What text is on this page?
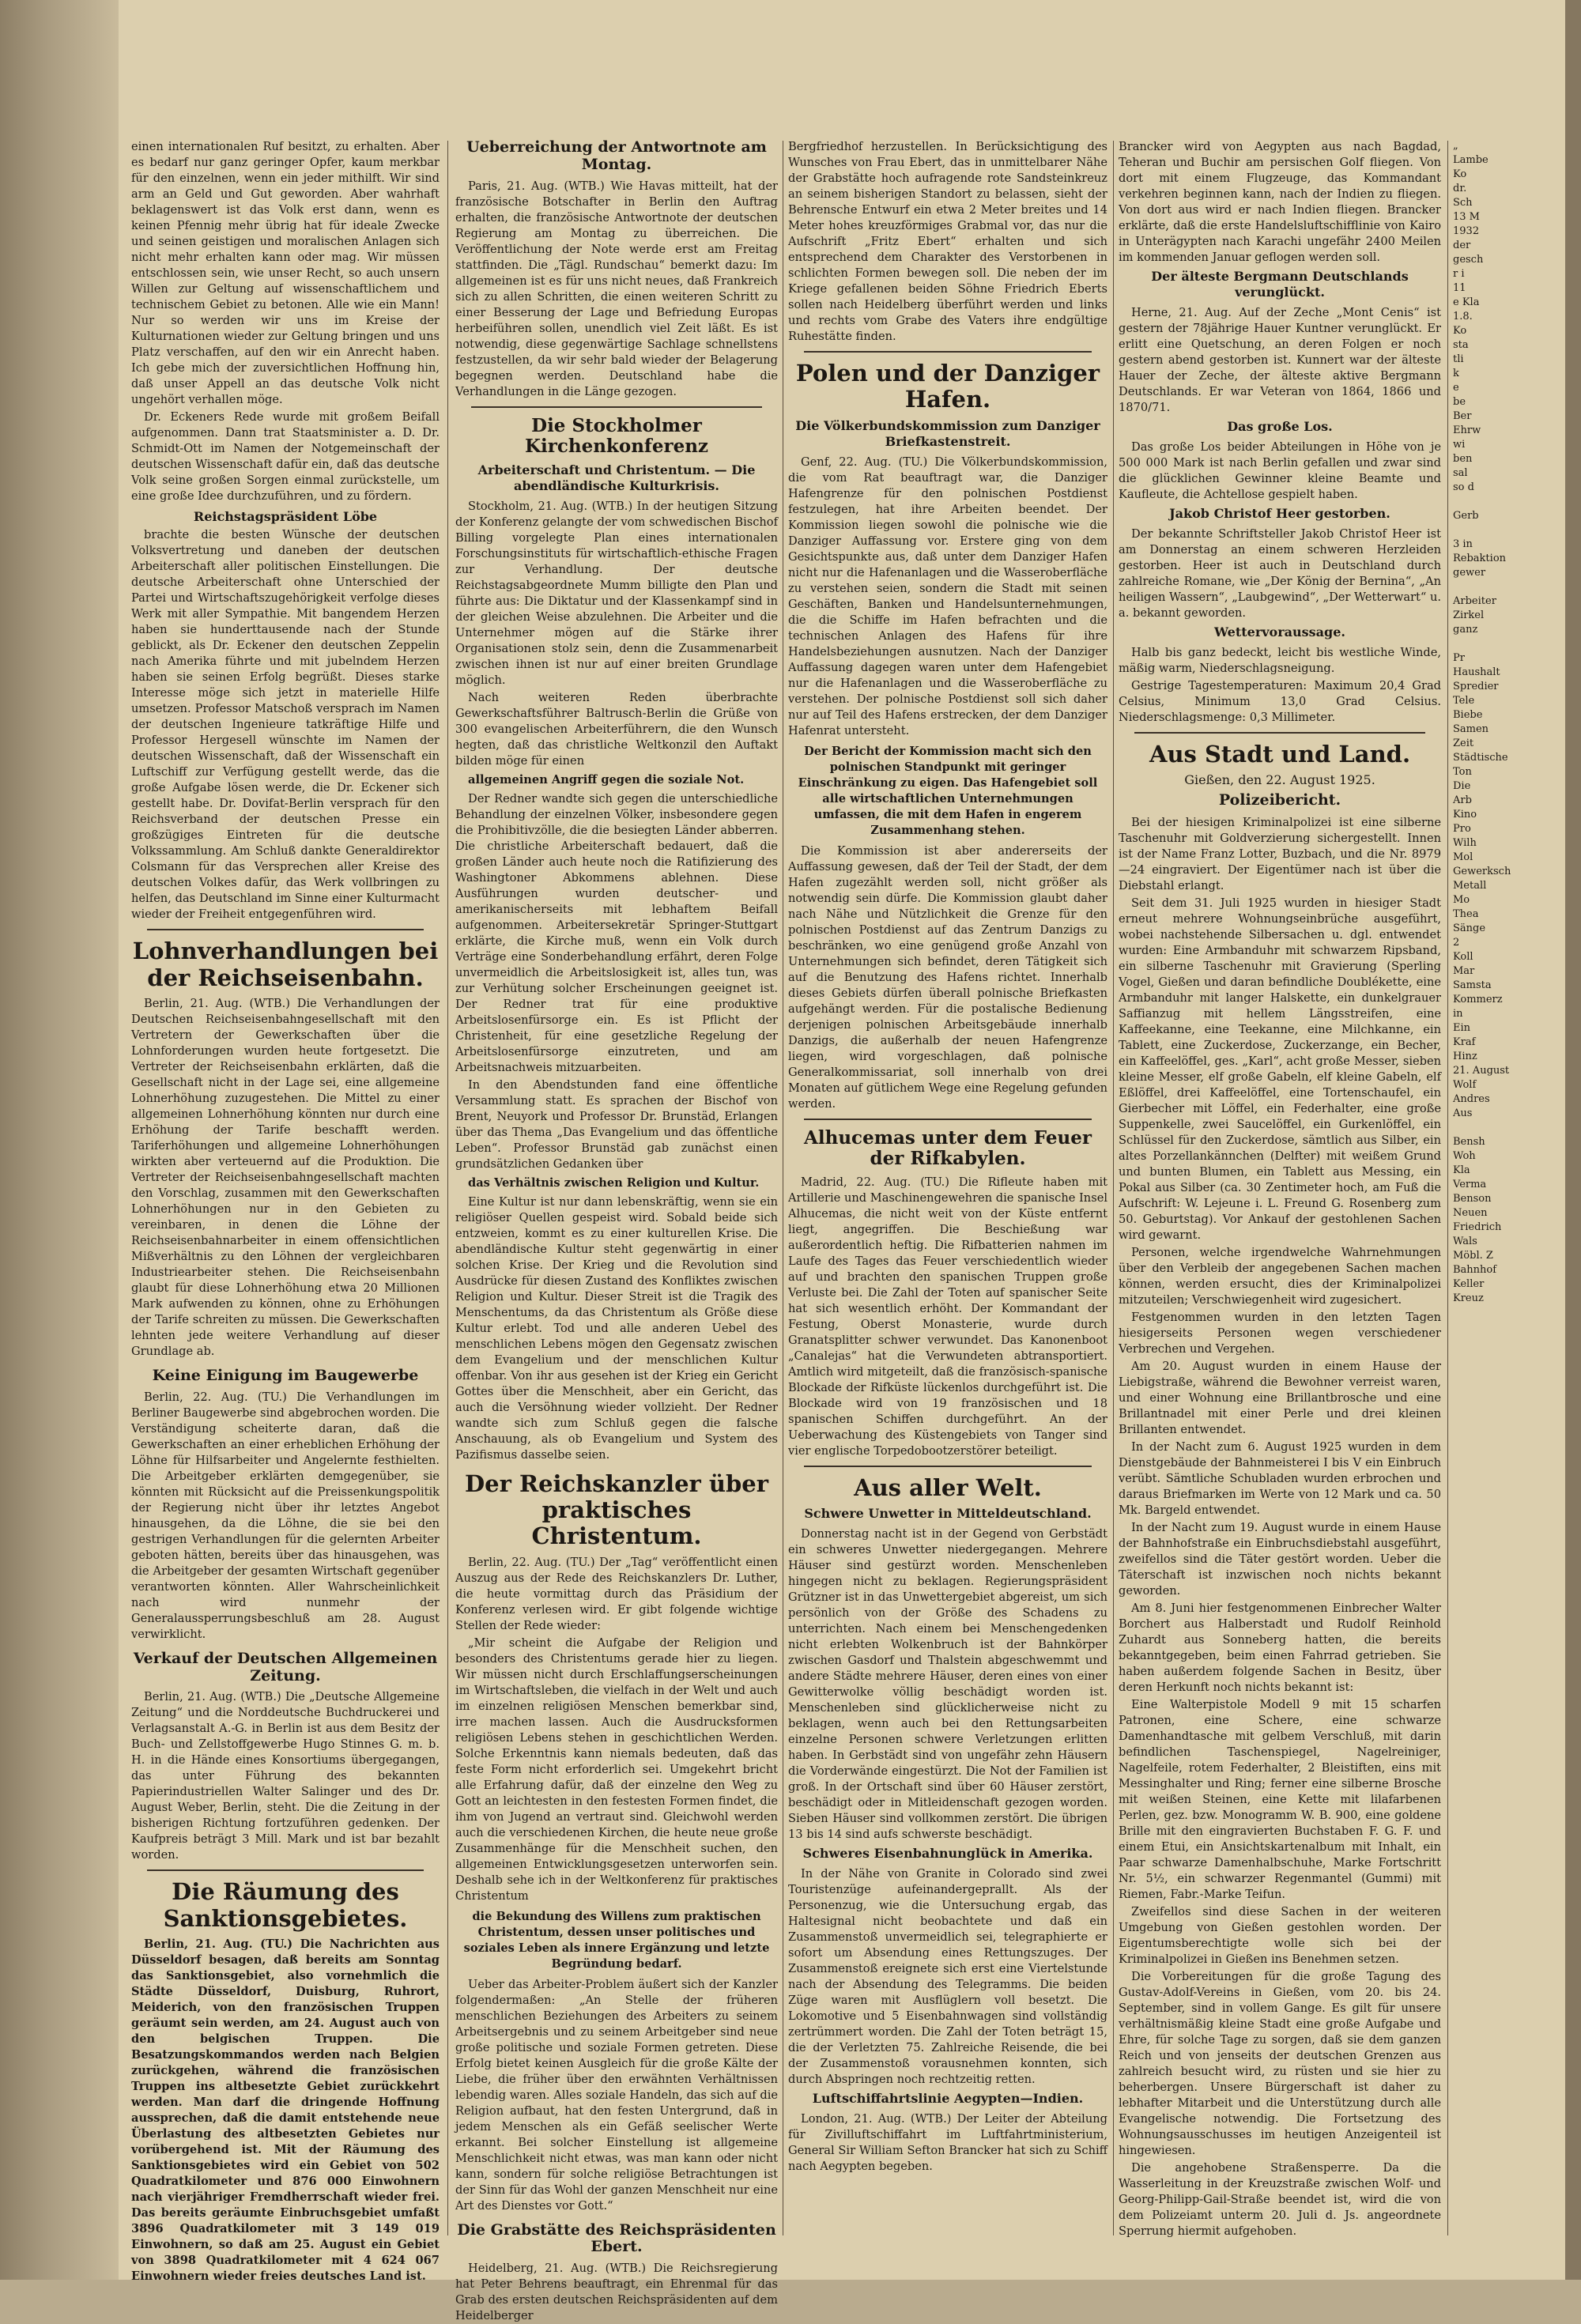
einen internationalen Ruf besitzt, zu erhalten. Aber es bedarf nur ganz geringer Opfer, kaum merkbar für den einzelnen, wenn ein jeder mithilft. Wir sind arm an Geld und Gut geworden. Aber wahrhaft beklagenswert ist das Volk erst dann, wenn es keinen Pfennig mehr übrig hat für ideale Zwecke und seinen geistigen und moralischen Anlagen sich nicht mehr erhalten kann oder mag. Wir müssen entschlossen sein, wie unser Recht, so auch unsern Willen zur Geltung auf wissenschaftlichem und technischem Gebiet zu betonen. Alle wie ein Mann! Nur so werden wir uns im Kreise der Kulturnationen wieder zur Geltung bringen und uns Platz verschaffen, auf den wir ein Anrecht haben. Ich gebe mich der zuversichtlichen Hoffnung hin, daß unser Appell an das deutsche Volk nicht ungehört verhallen möge.

Dr. Eckeners Rede wurde mit großem Beifall aufgenommen. Dann trat Staatsminister a. D. Dr. Schmidt-Ott im Namen der Notgemeinschaft der deutschen Wissenschaft dafür ein, daß das deutsche Volk seine großen Sorgen einmal zurückstelle, um eine große Idee durchzuführen, und zu fördern.

Reichstagspräsident Löbe

brachte die besten Wünsche der deutschen Volksvertretung und daneben der deutschen Arbeiterschaft aller politischen Einstellungen. Die deutsche Arbeiterschaft ohne Unterschied der Partei und Wirtschaftszugehörigkeit verfolge dieses Werk mit aller Sympathie. Mit bangendem Herzen haben sie hunderttausende nach der Stunde geblickt, als Dr. Eckener den deutschen Zeppelin nach Amerika führte und mit jubelndem Herzen haben sie seinen Erfolg begrüßt. Dieses starke Interesse möge sich jetzt in materielle Hilfe umsetzen. Professor Matschoß versprach im Namen der deutschen Ingenieure tatkräftige Hilfe und Professor Hergesell wünschte im Namen der deutschen Wissenschaft, daß der Wissenschaft ein Luftschiff zur Verfügung gestellt werde, das die große Aufgabe lösen werde, die Dr. Eckener sich gestellt habe. Dr. Dovifat-Berlin versprach für den Reichsverband der deutschen Presse ein großzügiges Eintreten für die deutsche Volkssammlung. Am Schluß dankte Generaldirektor Colsmann für das Versprechen aller Kreise des deutschen Volkes dafür, das Werk vollbringen zu helfen, das Deutschland im Sinne einer Kulturmacht wieder der Freiheit entgegenführen wird.

Lohnverhandlungen bei der Reichseisenbahn.

Berlin, 21. Aug. (WTB.) Die Verhandlungen der Deutschen Reichseisenbahngesellschaft mit den Vertretern der Gewerkschaften über die Lohnforderungen wurden heute fortgesetzt. Die Vertreter der Reichseisenbahn erklärten, daß die Gesellschaft nicht in der Lage sei, eine allgemeine Lohnerhöhung zuzugestehen. Die Mittel zu einer allgemeinen Lohnerhöhung könnten nur durch eine Erhöhung der Tarife beschafft werden. Tariferhöhungen und allgemeine Lohnerhöhungen wirkten aber verteuernd auf die Produktion. Die Vertreter der Reichseisenbahngesellschaft machten den Vorschlag, zusammen mit den Gewerkschaften Lohnerhöhungen nur in den Gebieten zu vereinbaren, in denen die Löhne der Reichseisenbahnarbeiter in einem offensichtlichen Mißverhältnis zu den Löhnen der vergleichbaren Industriearbeiter stehen. Die Reichseisenbahn glaubt für diese Lohnerhöhung etwa 20 Millionen Mark aufwenden zu können, ohne zu Erhöhungen der Tarife schreiten zu müssen. Die Gewerkschaften lehnten jede weitere Verhandlung auf dieser Grundlage ab.

Keine Einigung im Baugewerbe

Berlin, 22. Aug. (TU.) Die Verhandlungen im Berliner Baugewerbe sind abgebrochen worden. Die Verständigung scheiterte daran, daß die Gewerkschaften an einer erheblichen Erhöhung der Löhne für Hilfsarbeiter und Angelernte festhielten. Die Arbeitgeber erklärten demgegenüber, sie könnten mit Rücksicht auf die Preissenkungspolitik der Regierung nicht über ihr letztes Angebot hinausgehen, da die Löhne, die sie bei den gestrigen Verhandlungen für die gelernten Arbeiter geboten hätten, bereits über das hinausgehen, was die Arbeitgeber der gesamten Wirtschaft gegenüber verantworten könnten. Aller Wahrscheinlichkeit nach wird nunmehr der Generalaussperrungsbeschluß am 28. August verwirklicht.

Verkauf der Deutschen Allgemeinen Zeitung.

Berlin, 21. Aug. (WTB.) Die „Deutsche Allgemeine Zeitung“ und die Norddeutsche Buchdruckerei und Verlagsanstalt A.-G. in Berlin ist aus dem Besitz der Buch- und Zellstoffgewerbe Hugo Stinnes G. m. b. H. in die Hände eines Konsortiums übergegangen, das unter Führung des bekannten Papierindustriellen Walter Salinger und des Dr. August Weber, Berlin, steht. Die die Zeitung in der bisherigen Richtung fortzuführen gedenken. Der Kaufpreis beträgt 3 Mill. Mark und ist bar bezahlt worden.

Die Räumung des Sanktionsgebietes.

Berlin, 21. Aug. (TU.) Die Nachrichten aus Düsseldorf besagen, daß bereits am Sonntag das Sanktionsgebiet, also vornehmlich die Städte Düsseldorf, Duisburg, Ruhrort, Meiderich, von den französischen Truppen geräumt sein werden, am 24. August auch von den belgischen Truppen. Die Besatzungskommandos werden nach Belgien zurückgehen, während die französischen Truppen ins altbesetzte Gebiet zurückkehrt werden. Man darf die dringende Hoffnung aussprechen, daß die damit entstehende neue Überlastung des altbesetzten Gebietes nur vorübergehend ist. Mit der Räumung des Sanktionsgebietes wird ein Gebiet von 502 Quadratkilometer und 876 000 Einwohnern nach vierjähriger Fremdherrschaft wieder frei. Das bereits geräumte Einbruchsgebiet umfaßt 3896 Quadratkilometer mit 3 149 019 Einwohnern, so daß am 25. August ein Gebiet von 3898 Quadratkilometer mit 4 624 067 Einwohnern wieder freies deutsches Land ist.

Ueberreichung der Antwortnote am Montag.

Paris, 21. Aug. (WTB.) Wie Havas mitteilt, hat der französische Botschafter in Berlin den Auftrag erhalten, die französische Antwortnote der deutschen Regierung am Montag zu überreichen. Die Veröffentlichung der Note werde erst am Freitag stattfinden. Die „Tägl. Rundschau“ bemerkt dazu: Im allgemeinen ist es für uns nicht neues, daß Frankreich sich zu allen Schritten, die einen weiteren Schritt zu einer Besserung der Lage und Befriedung Europas herbeiführen sollen, unendlich viel Zeit läßt. Es ist notwendig, diese gegenwärtige Sachlage schnellstens festzustellen, da wir sehr bald wieder der Belagerung begegnen werden. Deutschland habe die Verhandlungen in die Länge gezogen.

Die Stockholmer Kirchenkonferenz
Arbeiterschaft und Christentum. — Die abendländische Kulturkrisis.

Stockholm, 21. Aug. (WTB.) In der heutigen Sitzung der Konferenz gelangte der vom schwedischen Bischof Billing vorgelegte Plan eines internationalen Forschungsinstituts für wirtschaftlich-ethische Fragen zur Verhandlung. Der deutsche Reichstagsabgeordnete Mumm billigte den Plan und führte aus: Die Diktatur und der Klassenkampf sind in der gleichen Weise abzulehnen. Die Arbeiter und die Unternehmer mögen auf die Stärke ihrer Organisationen stolz sein, denn die Zusammenarbeit zwischen ihnen ist nur auf einer breiten Grundlage möglich.

Nach weiteren Reden überbrachte Gewerkschaftsführer Baltrusch-Berlin die Grüße von 300 evangelischen Arbeiterführern, die den Wunsch hegten, daß das christliche Weltkonzil den Auftakt bilden möge für einen

allgemeinen Angriff gegen die soziale Not.

Der Redner wandte sich gegen die unterschiedliche Behandlung der einzelnen Völker, insbesondere gegen die Prohibitivzölle, die die besiegten Länder abberren. Die christliche Arbeiterschaft bedauert, daß die großen Länder auch heute noch die Ratifizierung des Washingtoner Abkommens ablehnen. Diese Ausführungen wurden deutscher- und amerikanischerseits mit lebhaftem Beifall aufgenommen. Arbeitersekretär Springer-Stuttgart erklärte, die Kirche muß, wenn ein Volk durch Verträge eine Sonderbehandlung erfährt, deren Folge unvermeidlich die Arbeitslosigkeit ist, alles tun, was zur Verhütung solcher Erscheinungen geeignet ist. Der Redner trat für eine produktive Arbeitslosenfürsorge ein. Es ist Pflicht der Christenheit, für eine gesetzliche Regelung der Arbeitslosenfürsorge einzutreten, und am Arbeitsnachweis mitzuarbeiten.

In den Abendstunden fand eine öffentliche Versammlung statt. Es sprachen der Bischof von Brent, Neuyork und Professor Dr. Brunstäd, Erlangen über das Thema „Das Evangelium und das öffentliche Leben“. Professor Brunstäd gab zunächst einen grundsätzlichen Gedanken über

das Verhältnis zwischen Religion und Kultur.

Eine Kultur ist nur dann lebenskräftig, wenn sie ein religiöser Quellen gespeist wird. Sobald beide sich entzweien, kommt es zu einer kulturellen Krise. Die abendländische Kultur steht gegenwärtig in einer solchen Krise. Der Krieg und die Revolution sind Ausdrücke für diesen Zustand des Konfliktes zwischen Religion und Kultur. Dieser Streit ist die Tragik des Menschentums, da das Christentum als Größe diese Kultur erlebt. Tod und alle anderen Uebel des menschlichen Lebens mögen den Gegensatz zwischen dem Evangelium und der menschlichen Kultur offenbar. Von ihr aus gesehen ist der Krieg ein Gericht Gottes über die Menschheit, aber ein Gericht, das auch die Versöhnung wieder vollzieht. Der Redner wandte sich zum Schluß gegen die falsche Anschauung, als ob Evangelium und System des Pazifismus dasselbe seien.

Der Reichskanzler über praktisches Christentum.

Berlin, 22. Aug. (TU.) Der „Tag“ veröffentlicht einen Auszug aus der Rede des Reichskanzlers Dr. Luther, die heute vormittag durch das Präsidium der Konferenz verlesen wird. Er gibt folgende wichtige Stellen der Rede wieder:

„Mir scheint die Aufgabe der Religion und besonders des Christentums gerade hier zu liegen. Wir müssen nicht durch Erschlaffungserscheinungen im Wirtschaftsleben, die vielfach in der Welt und auch im einzelnen religiösen Menschen bemerkbar sind, irre machen lassen. Auch die Ausdrucksformen religiösen Lebens stehen in geschichtlichen Werden. Solche Erkenntnis kann niemals bedeuten, daß das feste Form nicht erforderlich sei. Umgekehrt bricht alle Erfahrung dafür, daß der einzelne den Weg zu Gott an leichtesten in den festesten Formen findet, die ihm von Jugend an vertraut sind. Gleichwohl werden auch die verschiedenen Kirchen, die heute neue große Zusammenhänge für die Menschheit suchen, den allgemeinen Entwicklungsgesetzen unterworfen sein. Deshalb sehe ich in der Weltkonferenz für praktisches Christentum

die Bekundung des Willens zum praktischen Christentum, dessen unser politisches und soziales Leben als innere Ergänzung und letzte Begründung bedarf.

Ueber das Arbeiter-Problem äußert sich der Kanzler folgendermaßen: „An Stelle der früheren menschlichen Beziehungen des Arbeiters zu seinem Arbeitsergebnis und zu seinem Arbeitgeber sind neue große politische und soziale Formen getreten. Diese Erfolg bietet keinen Ausgleich für die große Kälte der Liebe, die früher über den erwähnten Verhältnissen lebendig waren. Alles soziale Handeln, das sich auf die Religion aufbaut, hat den festen Untergrund, daß in jedem Menschen als ein Gefäß seelischer Werte erkannt. Bei solcher Einstellung ist allgemeine Menschlichkeit nicht etwas, was man kann oder nicht kann, sondern für solche religiöse Betrachtungen ist der Sinn für das Wohl der ganzen Menschheit nur eine Art des Dienstes vor Gott.“

Die Grabstätte des Reichspräsidenten Ebert.

Heidelberg, 21. Aug. (WTB.) Die Reichsregierung hat Peter Behrens beauftragt, ein Ehrenmal für das Grab des ersten deutschen Reichspräsidenten auf dem Heidelberger

Bergfriedhof herzustellen. In Berücksichtigung des Wunsches von Frau Ebert, das in unmittelbarer Nähe der Grabstätte hoch aufragende rote Sandsteinkreuz an seinem bisherigen Standort zu belassen, sieht der Behrensche Entwurf ein etwa 2 Meter breites und 14 Meter hohes kreuzförmiges Grabmal vor, das nur die Aufschrift „Fritz Ebert“ erhalten und sich entsprechend dem Charakter des Verstorbenen in schlichten Formen bewegen soll. Die neben der im Kriege gefallenen beiden Söhne Friedrich Eberts sollen nach Heidelberg überführt werden und links und rechts vom Grabe des Vaters ihre endgültige Ruhestätte finden.

Polen und der Danziger Hafen.
Die Völkerbundskommission zum Danziger Briefkastenstreit.

Genf, 22. Aug. (TU.) Die Völkerbundskommission, die vom Rat beauftragt war, die Danziger Hafengrenze für den polnischen Postdienst festzulegen, hat ihre Arbeiten beendet. Der Kommission liegen sowohl die polnische wie die Danziger Auffassung vor. Erstere ging von dem Gesichtspunkte aus, daß unter dem Danziger Hafen nicht nur die Hafenanlagen und die Wasseroberfläche zu verstehen seien, sondern die Stadt mit seinen Geschäften, Banken und Handelsunternehmungen, die die Schiffe im Hafen befrachten und die technischen Anlagen des Hafens für ihre Handelsbeziehungen ausnutzen. Nach der Danziger Auffassung dagegen waren unter dem Hafengebiet nur die Hafenanlagen und die Wasseroberfläche zu verstehen. Der polnische Postdienst soll sich daher nur auf Teil des Hafens erstrecken, der dem Danziger Hafenrat untersteht.

Der Bericht der Kommission macht sich den polnischen Standpunkt mit geringer Einschränkung zu eigen. Das Hafengebiet soll alle wirtschaftlichen Unternehmungen umfassen, die mit dem Hafen in engerem Zusammenhang stehen.

Die Kommission ist aber andererseits der Auffassung gewesen, daß der Teil der Stadt, der dem Hafen zugezählt werden soll, nicht größer als notwendig sein dürfe. Die Kommission glaubt daher nach Nähe und Nützlichkeit die Grenze für den polnischen Postdienst auf das Zentrum Danzigs zu beschränken, wo eine genügend große Anzahl von Unternehmungen sich befindet, deren Tätigkeit sich auf die Benutzung des Hafens richtet. Innerhalb dieses Gebiets dürfen überall polnische Briefkasten aufgehängt werden. Für die postalische Bedienung derjenigen polnischen Arbeitsgebäude innerhalb Danzigs, die außerhalb der neuen Hafengrenze liegen, wird vorgeschlagen, daß polnische Generalkommissariat, soll innerhalb von drei Monaten auf gütlichem Wege eine Regelung gefunden werden.

Alhucemas unter dem Feuer der Rifkabylen.

Madrid, 22. Aug. (TU.) Die Rifleute haben mit Artillerie und Maschinengewehren die spanische Insel Alhucemas, die nicht weit von der Küste entfernt liegt, angegriffen. Die Beschießung war außerordentlich heftig. Die Rifbatterien nahmen im Laufe des Tages das Feuer verschiedentlich wieder auf und brachten den spanischen Truppen große Verluste bei. Die Zahl der Toten auf spanischer Seite hat sich wesentlich erhöht. Der Kommandant der Festung, Oberst Monasterie, wurde durch Granatsplitter schwer verwundet. Das Kanonenboot „Canalejas“ hat die Verwundeten abtransportiert. Amtlich wird mitgeteilt, daß die französisch-spanische Blockade der Rifküste lückenlos durchgeführt ist. Die Blockade wird von 19 französischen und 18 spanischen Schiffen durchgeführt. An der Ueberwachung des Küstengebiets von Tanger sind vier englische Torpedobootzerstörer beteiligt.

Aus aller Welt.
Schwere Unwetter in Mitteldeutschland.

Donnerstag nacht ist in der Gegend von Gerbstädt ein schweres Unwetter niedergegangen. Mehrere Häuser sind gestürzt worden. Menschenleben hingegen nicht zu beklagen. Regierungspräsident Grützner ist in das Unwettergebiet abgereist, um sich persönlich von der Größe des Schadens zu unterrichten. Nach einem bei Menschengedenken nicht erlebten Wolkenbruch ist der Bahnkörper zwischen Gasdorf und Thalstein abgeschwemmt und andere Städte mehrere Häuser, deren eines von einer Gewitterwolke völlig beschädigt worden ist. Menschenleben sind glücklicherweise nicht zu beklagen, wenn auch bei den Rettungsarbeiten einzelne Personen schwere Verletzungen erlitten haben. In Gerbstädt sind von ungefähr zehn Häusern die Vorderwände eingestürzt. Die Not der Familien ist groß. In der Ortschaft sind über 60 Häuser zerstört, beschädigt oder in Mitleidenschaft gezogen worden. Sieben Häuser sind vollkommen zerstört. Die übrigen 13 bis 14 sind aufs schwerste beschädigt.

Schweres Eisenbahnunglück in Amerika.

In der Nähe von Granite in Colorado sind zwei Touristenzüge aufeinandergeprallt. Als der Personenzug, wie die Untersuchung ergab, das Haltesignal nicht beobachtete und daß ein Zusammenstoß unvermeidlich sei, telegraphierte er sofort um Absendung eines Rettungszuges. Der Zusammenstoß ereignete sich erst eine Viertelstunde nach der Absendung des Telegramms. Die beiden Züge waren mit Ausflüglern voll besetzt. Die Lokomotive und 5 Eisenbahnwagen sind vollständig zertrümmert worden. Die Zahl der Toten beträgt 15, die der Verletzten 75. Zahlreiche Reisende, die bei der Zusammenstoß vorausnehmen konnten, sich durch Abspringen noch rechtzeitig retten.

Luftschiffahrtslinie Aegypten—Indien.

London, 21. Aug. (WTB.) Der Leiter der Abteilung für Zivilluftschiffahrt im Luftfahrtministerium, General Sir William Sefton Brancker hat sich zu Schiff nach Aegypten begeben.

Brancker wird von Aegypten aus nach Bagdad, Teheran und Buchir am persischen Golf fliegen. Von dort mit einem Flugzeuge, das Kommandant verkehren beginnen kann, nach der Indien zu fliegen. Von dort aus wird er nach Indien fliegen. Brancker erklärte, daß die erste Handelsluftschifflinie von Kairo in Unterägypten nach Karachi ungefähr 2400 Meilen im kommenden Januar geflogen werden soll.

Der älteste Bergmann Deutschlands verunglückt.

Herne, 21. Aug. Auf der Zeche „Mont Cenis“ ist gestern der 78jährige Hauer Kuntner verunglückt. Er erlitt eine Quetschung, an deren Folgen er noch gestern abend gestorben ist. Kunnert war der älteste Hauer der Zeche, der älteste aktive Bergmann Deutschlands. Er war Veteran von 1864, 1866 und 1870/71.

Das große Los.

Das große Los beider Abteilungen in Höhe von je 500 000 Mark ist nach Berlin gefallen und zwar sind die glücklichen Gewinner kleine Beamte und Kaufleute, die Achtellose gespielt haben.

Jakob Christof Heer gestorben.

Der bekannte Schriftsteller Jakob Christof Heer ist am Donnerstag an einem schweren Herzleiden gestorben. Heer ist auch in Deutschland durch zahlreiche Romane, wie „Der König der Bernina“, „An heiligen Wassern“, „Laubgewind“, „Der Wetterwart“ u. a. bekannt geworden.

Wettervoraussage.

Halb bis ganz bedeckt, leicht bis westliche Winde, mäßig warm, Niederschlagsneigung.

Gestrige Tagestemperaturen: Maximum 20,4 Grad Celsius, Minimum 13,0 Grad Celsius. Niederschlagsmenge: 0,3 Millimeter.

Aus Stadt und Land.
Gießen, den 22. August 1925.
Polizeibericht.

Bei der hiesigen Kriminalpolizei ist eine silberne Taschenuhr mit Goldverzierung sichergestellt. Innen ist der Name Franz Lotter, Buzbach, und die Nr. 8979—24 eingraviert. Der Eigentümer nach ist über die Diebstahl erlangt.

Seit dem 31. Juli 1925 wurden in hiesiger Stadt erneut mehrere Wohnungseinbrüche ausgeführt, wobei nachstehende Silbersachen u. dgl. entwendet wurden: Eine Armbanduhr mit schwarzem Ripsband, ein silberne Taschenuhr mit Gravierung (Sperling Vogel, Gießen und daran befindliche Doublékette, eine Armbanduhr mit langer Halskette, ein dunkelgrauer Saffianzug mit hellem Längsstreifen, eine Kaffeekanne, eine Teekanne, eine Milchkanne, ein Tablett, eine Zuckerdose, Zuckerzange, ein Becher, ein Kaffeelöffel, ges. „Karl“, acht große Messer, sieben kleine Messer, elf große Gabeln, elf kleine Gabeln, elf Eßlöffel, drei Kaffeelöffel, eine Tortenschaufel, ein Gierbecher mit Löffel, ein Federhalter, eine große Suppenkelle, zwei Saucelöffel, ein Gurkenlöffel, ein Schlüssel für den Zuckerdose, sämtlich aus Silber, ein altes Porzellankännchen (Delfter) mit weißem Grund und bunten Blumen, ein Tablett aus Messing, ein Pokal aus Silber (ca. 30 Zentimeter hoch, am Fuß die Aufschrift: W. Lejeune i. L. Freund G. Rosenberg zum 50. Geburtstag). Vor Ankauf der gestohlenen Sachen wird gewarnt.

Personen, welche irgendwelche Wahrnehmungen über den Verbleib der angegebenen Sachen machen können, werden ersucht, dies der Kriminalpolizei mitzuteilen; Verschwiegenheit wird zugesichert.

Festgenommen wurden in den letzten Tagen hiesigerseits Personen wegen verschiedener Verbrechen und Vergehen.

Am 20. August wurden in einem Hause der Liebigstraße, während die Bewohner verreist waren, und einer Wohnung eine Brillantbrosche und eine Brillantnadel mit einer Perle und drei kleinen Brillanten entwendet.

In der Nacht zum 6. August 1925 wurden in dem Dienstgebäude der Bahnmeisterei I bis V ein Einbruch verübt. Sämtliche Schubladen wurden erbrochen und daraus Briefmarken im Werte von 12 Mark und ca. 50 Mk. Bargeld entwendet.

In der Nacht zum 19. August wurde in einem Hause der Bahnhofstraße ein Einbruchsdiebstahl ausgeführt, zweifellos sind die Täter gestört worden. Ueber die Täterschaft ist inzwischen noch nichts bekannt geworden.

Am 8. Juni hier festgenommenen Einbrecher Walter Borchert aus Halberstadt und Rudolf Reinhold Zuhardt aus Sonneberg hatten, die bereits bekanntgegeben, beim einen Fahrrad getrieben. Sie haben außerdem folgende Sachen in Besitz, über deren Herkunft noch nichts bekannt ist:

Eine Walterpistole Modell 9 mit 15 scharfen Patronen, eine Schere, eine schwarze Damenhandtasche mit gelbem Verschluß, mit darin befindlichen Taschenspiegel, Nagelreiniger, Nagelfeile, rotem Federhalter, 2 Bleistiften, eins mit Messinghalter und Ring; ferner eine silberne Brosche mit weißen Steinen, eine Kette mit lilafarbenen Perlen, gez. bzw. Monogramm W. B. 900, eine goldene Brille mit den eingravierten Buchstaben F. G. F. und einem Etui, ein Ansichtskartenalbum mit Inhalt, ein Paar schwarze Damenhalbschuhe, Marke Fortschritt Nr. 5½, ein schwarzer Regenmantel (Gummi) mit Riemen, Fabr.-Marke Teifun.

Zweifellos sind diese Sachen in der weiteren Umgebung von Gießen gestohlen worden. Der Eigentumsberechtigte wolle sich bei der Kriminalpolizei in Gießen ins Benehmen setzen.

Die Vorbereitungen für die große Tagung des Gustav-Adolf-Vereins in Gießen, vom 20. bis 24. September, sind in vollem Gange. Es gilt für unsere verhältnismäßig kleine Stadt eine große Aufgabe und Ehre, für solche Tage zu sorgen, daß sie dem ganzen Reich und von jenseits der deutschen Grenzen aus zahlreich besucht wird, zu rüsten und sie hier zu beherbergen. Unsere Bürgerschaft ist daher zu lebhafter Mitarbeit und die Unterstützung durch alle Evangelische notwendig. Die Fortsetzung des Wohnungsausschusses im heutigen Anzeigenteil ist hingewiesen.

Die angehobene Straßensperre. Da die Wasserleitung in der Kreuzstraße zwischen Wolf- und Georg-Philipp-Gail-Straße beendet ist, wird die von dem Polizeiamt unterm 20. Juli d. Js. angeordnete Sperrung hiermit aufgehoben.

„
Lambe
Ko
dr.
Sch
13 M
1932
der
gesch
r i
11
e Kla
1.8.
Ko
sta
tli
k
e
be
Ber
Ehrw
wi
ben
sal
so d
Gerb
3 in
Rebaktion
gewer
Arbeiter
Zirkel
ganz
Pr
Haushalt
Spredier
Tele
Biebe
Samen
Zeit
Städtische
Ton
Die
Arb
Kino
Pro
Wilh
Mol
Gewerksch
Metall
Mo
Thea
Sänge
2
Koll
Mar
Samsta
Kommerz
in
Ein
Kraf
Hinz
21. August
Wolf
Andres
Aus
Bensh
Woh
Kla
Verma
Benson
Neuen
Friedrich
Wals
Möbl. Z
Bahnhof
Keller
Kreuz
